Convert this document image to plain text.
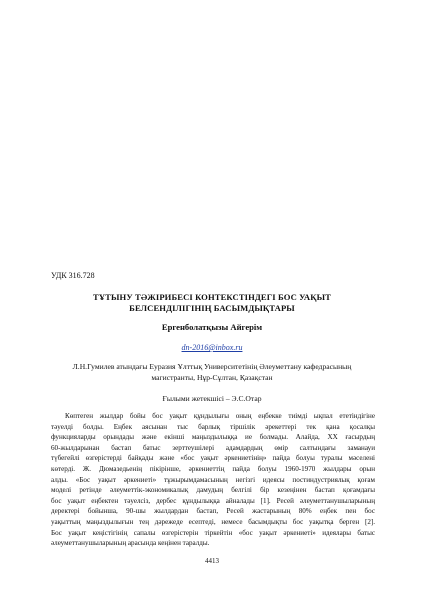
УДК 316.728
ТҰТЫНУ ТӘЖІРИБЕСІ КОНТЕКСТІНДЕГІ БОС УАҚЫТ
БЕЛСЕНДІЛІГІНІҢ БАСЫМДЫҚТАРЫ
Ергенболатқызы Айгерім
dn-2016@inbox.ru
Л.Н.Гумилев атындағы Еуразия Ұлттық Университетінің Әлеуметтану кафедрасының
магистранты, Нұр-Сұлтан, Қазақстан
Ғылыми жетекшісі – Э.С.Отар

Көптеген жылдар бойы бос уақыт құндылығы оның еңбекке тиімді ықпал ететіндігіне
тәуелді болды. Еңбек аясынан тыс барлық тіршілік әрекеттері тек қана қосалқы
функцияларды орындады және екінші маңыздылыққа ие болмады. Алайда, ХХ ғасырдың
60-жылдарынан бастап батыс зерттеушілері адамдардың өмір салтындағы заманауи
түбегейлі өзгерістерді байқады және «бос уақыт әркениетінің» пайда болуы туралы мәселені
көтерді. Ж. Дюмазедьенің пікірінше, әркениеттің пайда болуы 1960-1970 жылдары орын
алды. «Бос уақыт әркениеті» тұжырымдамасының негізгі идеясы постиндустриялық қоғам
моделі ретінде әлеуметтік-экономикалық дамудың белгілі бір кезеңінен бастап қоғамдағы
бос уақыт еңбектен тәуелсіз, дербес құндылыққа айналады [1]. Ресей әлеуметтанушыларының
деректері бойынша, 90-шы жылдардан бастап, Ресей жастарының 80% еңбек пен бос
уақыттың маңыздылығын тең дәрежеде есептеді, немесе басымдықты бос уақытқа берген [2].
Бос уақыт кеңістігінің сапалы өзгерістерін тіркейтін «бос уақыт әркениеті» идеялары батыс
әлеуметтанушыларының арасында кеңінен таралды.

4413
